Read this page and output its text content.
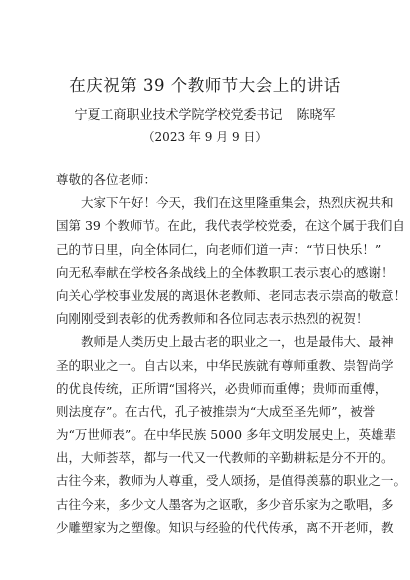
在庆祝第 39 个教师节大会上的讲话
宁夏工商职业技术学院学校党委书记 陈晓军
（2023 年 9 月 9 日）
尊敬的各位老师：
大家下午好！今天，我们在这里隆重集会，热烈庆祝共和
国第 39 个教师节。在此，我代表学校党委，在这个属于我们自
己的节日里，向全体同仁，向老师们道一声：“节日快乐！”
向无私奉献在学校各条战线上的全体教职工表示衷心的感谢！
向关心学校事业发展的离退休老教师、老同志表示崇高的敬意！
向刚刚受到表彰的优秀教师和各位同志表示热烈的祝贺！
教师是人类历史上最古老的职业之一，也是最伟大、最神
圣的职业之一。自古以来，中华民族就有尊师重教、崇智尚学
的优良传统，正所谓“国将兴，必贵师而重傅；贵师而重傅，
则法度存”。在古代，孔子被推崇为“大成至圣先师”，被誉
为“万世师表”。在中华民族 5000 多年文明发展史上，英雄辈
出，大师荟萃，都与一代又一代教师的辛勤耕耘是分不开的。
古往今来，教师为人尊重，受人颂扬，是值得羡慕的职业之一。
古往今来，多少文人墨客为之讴歌，多少音乐家为之歌唱，多
少雕塑家为之塑像。知识与经验的代代传承，离不开老师，教
